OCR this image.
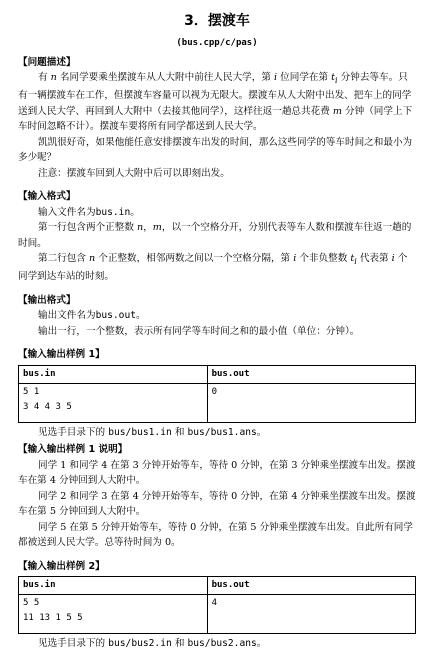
3．摆渡车
(bus.cpp/c/pas)
【问题描述】

有 n 名同学要乘坐摆渡车从人大附中前往人民大学，第 i 位同学在第 $t_i$ 分钟去等车。只有一辆摆渡车在工作，但摆渡车容量可以视为无限大。摆渡车从人大附中出发、把车上的同学送到人民大学、再回到人大附中（去接其他同学），这样往返一趟总共花费 m 分钟（同学上下车时间忽略不计）。摆渡车要将所有同学都送到人民大学。

凯凯很好奇，如果他能任意安排摆渡车出发的时间，那么这些同学的等车时间之和最小为多少呢？

注意：摆渡车回到人大附中后可以即刻出发。

【输入格式】

输入文件名为bus.in。

第一行包含两个正整数 n，m，以一个空格分开，分别代表等车人数和摆渡车往返一趟的时间。

第二行包含 n 个正整数，相邻两数之间以一个空格分隔，第 i 个非负整数 $t_i$ 代表第 i 个同学到达车站的时刻。

【输出格式】

输出文件名为bus.out。

输出一行，一个整数，表示所有同学等车时间之和的最小值（单位：分钟）。

【输入输出样例 1】
bus.in	bus.out

5 1
3 4 4 3 5	0

见选手目录下的 bus/bus1.in 和 bus/bus1.ans。

【输入输出样例 1 说明】

同学 1 和同学 4 在第 3 分钟开始等车，等待 0 分钟，在第 3 分钟乘坐摆渡车出发。摆渡车在第 4 分钟回到人大附中。

同学 2 和同学 3 在第 4 分钟开始等车，等待 0 分钟，在第 4 分钟乘坐摆渡车出发。摆渡车在第 5 分钟回到人大附中。

同学 5 在第 5 分钟开始等车，等待 0 分钟，在第 5 分钟乘坐摆渡车出发。自此所有同学都被送到人民大学。总等待时间为 0。

【输入输出样例 2】
bus.in	bus.out

5 5
11 13 1 5 5	4

见选手目录下的 bus/bus2.in 和 bus/bus2.ans。
